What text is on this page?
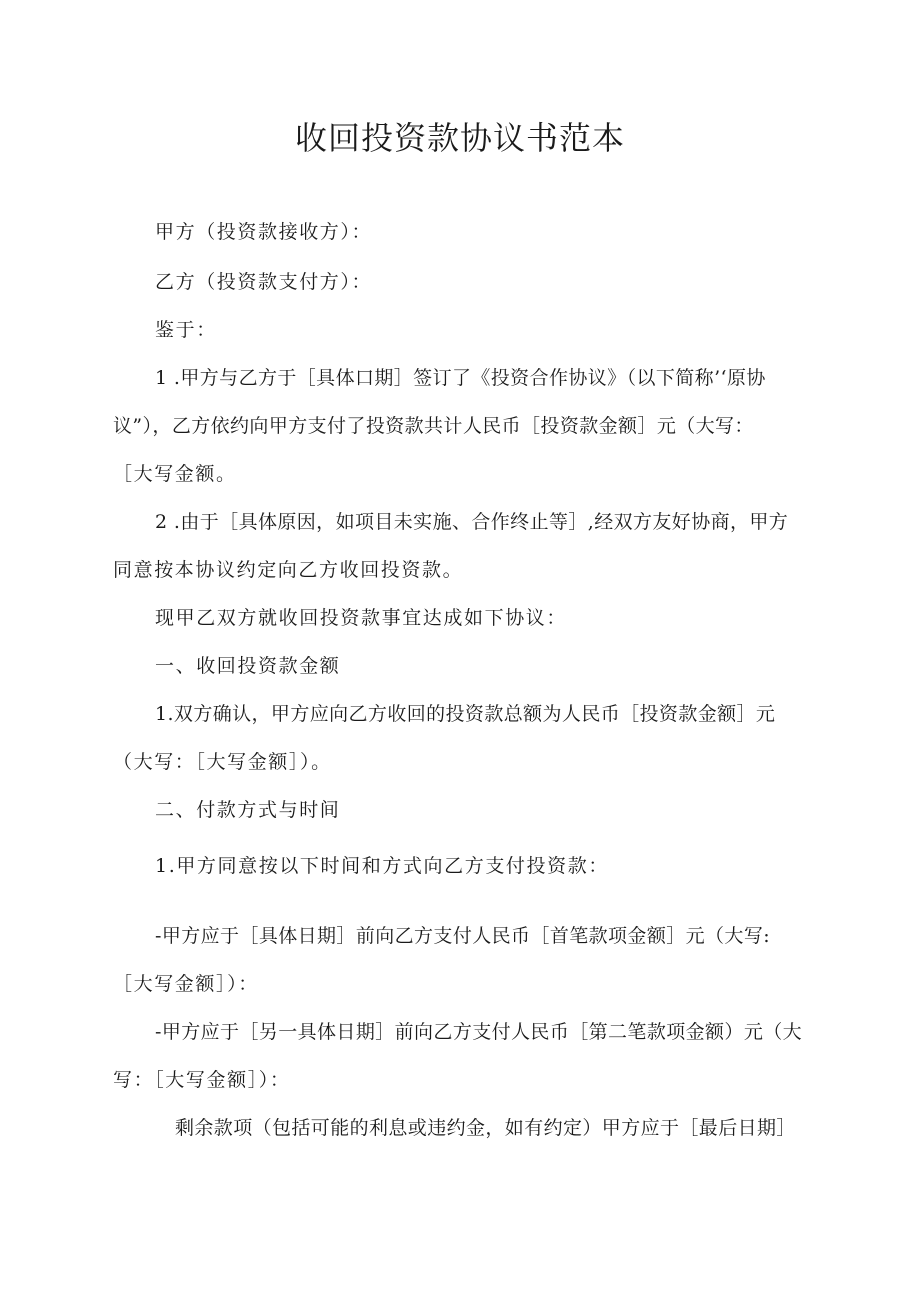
收回投资款协议书范本

甲方（投资款接收方）：

乙方（投资款支付方）：

鉴于：

1 .甲方与乙方于［具体口期］签订了《投资合作协议》（以下简称’‘原协

议”），乙方依约向甲方支付了投资款共计人民币［投资款金额］元（大写：

［大写金额。

2 .由于［具体原因，如项目未实施、合作终止等］,经双方友好协商，甲方

同意按本协议约定向乙方收回投资款。

现甲乙双方就收回投资款事宜达成如下协议：

一、收回投资款金额

1.双方确认，甲方应向乙方收回的投资款总额为人民币［投资款金额］元

（大写：［大写金额］）。

二、付款方式与时间

1.甲方同意按以下时间和方式向乙方支付投资款：

-甲方应于［具体日期］前向乙方支付人民币［首笔款项金额］元（大写:

［大写金额］）：

-甲方应于［另一具体日期］前向乙方支付人民币［第二笔款项金额）元（大

写：［大写金额］）：

剩余款项（包括可能的利息或违约金，如有约定）甲方应于［最后日期］
